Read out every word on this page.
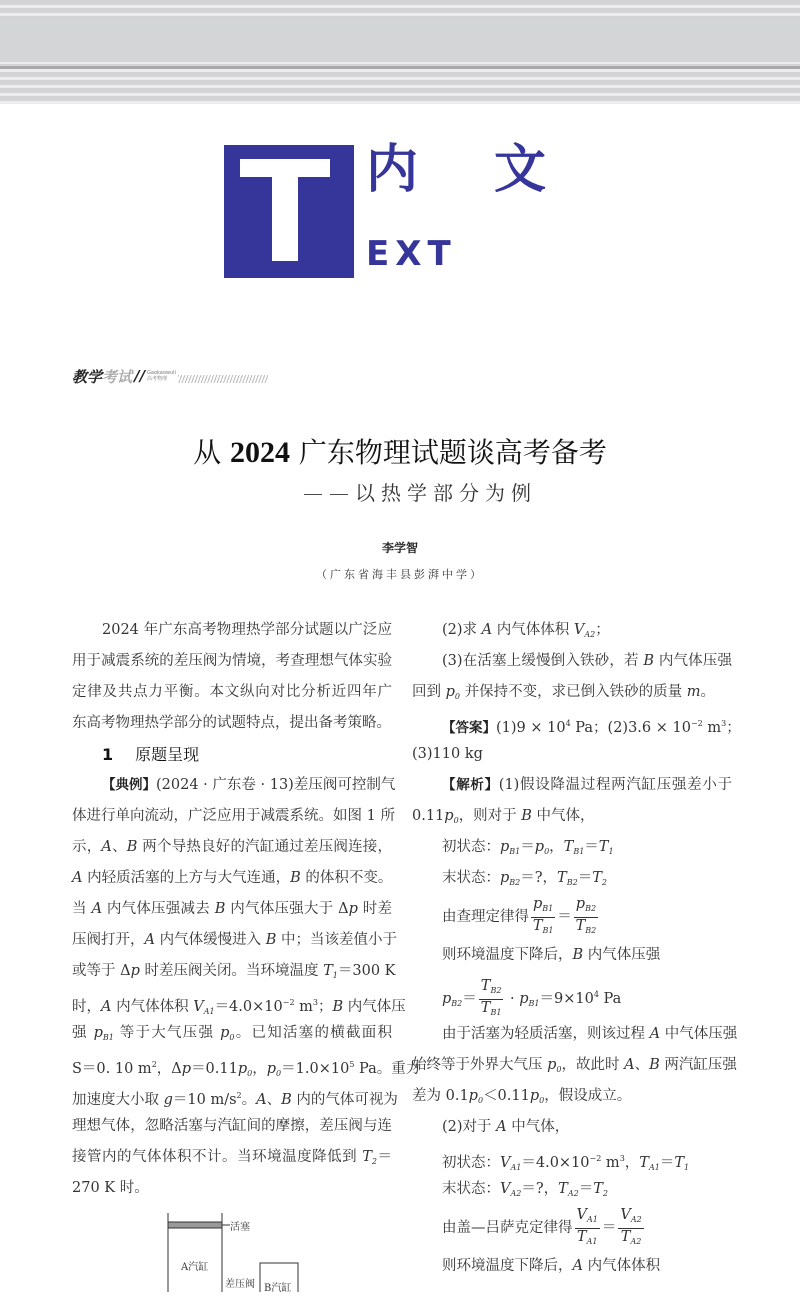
内 文
EXT
教学 考试 // Gaokaowuli
高考物理
从 2024 广东物理试题谈高考备考
——以热学部分为例
李学智
（广东省海丰县彭湃中学）
2024 年广东高考物理热学部分试题以广泛应
用于减震系统的差压阀为情境，考查理想气体实验
定律及共点力平衡。本文纵向对比分析近四年广
东高考物理热学部分的试题特点，提出备考策略。
1 原题呈现
【典例】(2024 · 广东卷 · 13)差压阀可控制气
体进行单向流动，广泛应用于减震系统。如图 1 所
示，A、B 两个导热良好的汽缸通过差压阀连接，
A 内轻质活塞的上方与大气连通，B 的体积不变。
当 A 内气体压强减去 B 内气体压强大于 Δp 时差
压阀打开，A 内气体缓慢进入 B 中；当该差值小于
或等于 Δp 时差压阀关闭。当环境温度 $T_1=300$ K
时，A 内气体体积 $V_{A1}=4.0\times 10^{-2}$ $m^3$；B 内气体压
强 $p_{B1}$ 等于大气压强 $p_0$。已知活塞的横截面积
S＝0. 10 $m^2$，$\Delta p=0.11p_0$，$p_0=1.0\times 10^5$ Pa。重力
加速度大小取 g＝10 $m/s^2$。A、B 内的气体可视为
理想气体，忽略活塞与汽缸间的摩擦，差压阀与连
接管内的气体体积不计。当环境温度降低到 $T_2=$
270 K 时。
活塞
A汽缸
差压阀 B汽缸
(2)求 A 内气体体积 $V_{A2}$；
(3)在活塞上缓慢倒入铁砂，若 B 内气体压强
回到 $p_0$ 并保持不变，求已倒入铁砂的质量 m。
【答案】$(1)9 \times 10^4$ Pa；$(2)3.6 \times 10^{-2}$ $m^3$；
(3)110 kg
【解析】(1)假设降温过程两汽缸压强差小于
$0.11p_0$，则对于 B 中气体，
初状态：$p_{B1}=p_0$，$T_{B1}=T_1$
末状态：$p_{B2}=$?，$T_{B2}=T_2$
由查理定律得 $\frac{p_{B1}}{T_{B1}} = \frac{p_{B2}}{T_{B2}}$
则环境温度下降后，B 内气体压强
$p_{B2}= \frac{T_{B2}}{T_{B1}} \cdot p_{B1}=9\times 10^4$ Pa
由于活塞为轻质活塞，则该过程 A 中气体压强
始终等于外界大气压 $p_0$，故此时 A、B 两汽缸压强
差为 $0.1p_0<0.11p_0$，假设成立。
(2)对于 A 中气体，
初状态：$V_{A1}=4.0\times 10^{-2}$ $m^3$，$T_{A1}=T_1$
末状态：$V_{A2}=$?，$T_{A2}=T_2$
由盖—吕萨克定律得 $\frac{V_{A1}}{T_{A1}} = \frac{V_{A2}}{T_{A2}}$
则环境温度下降后，A 内气体体积
